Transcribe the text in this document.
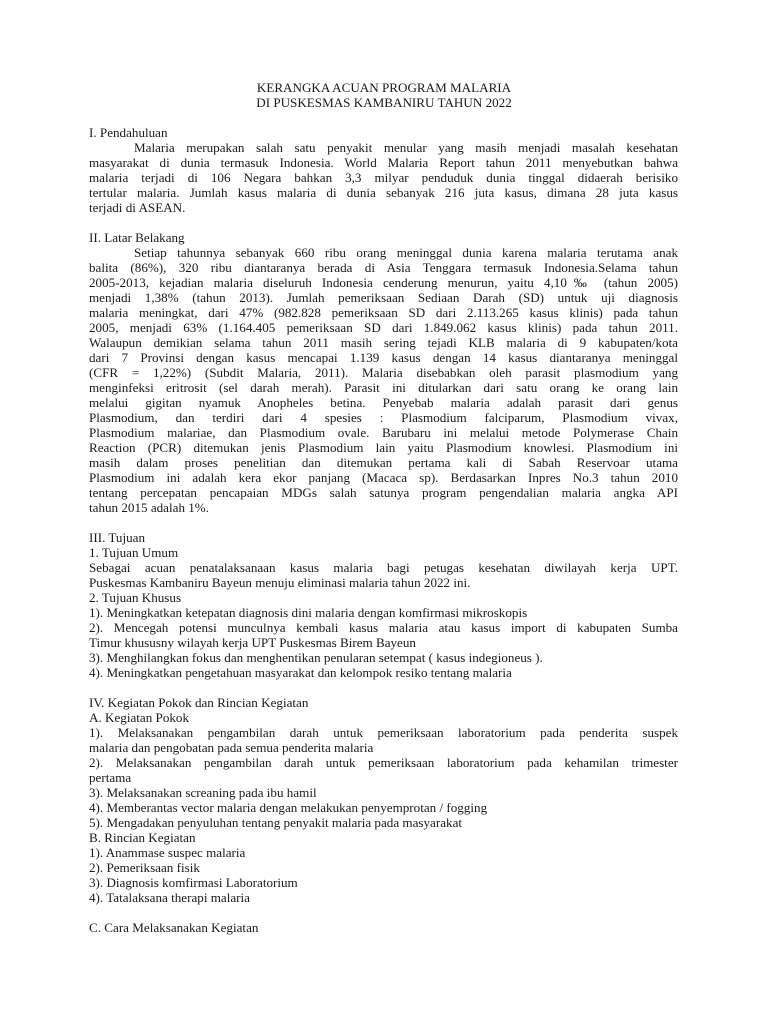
KERANGKA ACUAN PROGRAM MALARIA
DI PUSKESMAS KAMBANIRU TAHUN 2022
I. Pendahuluan
Malaria merupakan salah satu penyakit menular yang masih menjadi masalah kesehatan
masyarakat di dunia termasuk Indonesia. World Malaria Report tahun 2011 menyebutkan bahwa
malaria terjadi di 106 Negara bahkan 3,3 milyar penduduk dunia tinggal didaerah berisiko
tertular malaria. Jumlah kasus malaria di dunia sebanyak 216 juta kasus, dimana 28 juta kasus
terjadi di ASEAN.
II. Latar Belakang
Setiap tahunnya sebanyak 660 ribu orang meninggal dunia karena malaria terutama anak
balita (86%), 320 ribu diantaranya berada di Asia Tenggara termasuk Indonesia.Selama tahun
2005-2013, kejadian malaria diseluruh Indonesia cenderung menurun, yaitu 4,10‰ (tahun 2005)
menjadi 1,38% (tahun 2013). Jumlah pemeriksaan Sediaan Darah (SD) untuk uji diagnosis
malaria meningkat, dari 47% (982.828 pemeriksaan SD dari 2.113.265 kasus klinis) pada tahun
2005, menjadi 63% (1.164.405 pemeriksaan SD dari 1.849.062 kasus klinis) pada tahun 2011.
Walaupun demikian selama tahun 2011 masih sering tejadi KLB malaria di 9 kabupaten/kota
dari 7 Provinsi dengan kasus mencapai 1.139 kasus dengan 14 kasus diantaranya meninggal
(CFR = 1,22%) (Subdit Malaria, 2011). Malaria disebabkan oleh parasit plasmodium yang
menginfeksi eritrosit (sel darah merah). Parasit ini ditularkan dari satu orang ke orang lain
melalui gigitan nyamuk Anopheles betina. Penyebab malaria adalah parasit dari genus
Plasmodium, dan terdiri dari 4 spesies : Plasmodium falciparum, Plasmodium vivax,
Plasmodium malariae, dan Plasmodium ovale. Barubaru ini melalui metode Polymerase Chain
Reaction (PCR) ditemukan jenis Plasmodium lain yaitu Plasmodium knowlesi. Plasmodium ini
masih dalam proses penelitian dan ditemukan pertama kali di Sabah Reservoar utama
Plasmodium ini adalah kera ekor panjang (Macaca sp). Berdasarkan Inpres No.3 tahun 2010
tentang percepatan pencapaian MDGs salah satunya program pengendalian malaria angka API
tahun 2015 adalah 1%.
III. Tujuan
1. Tujuan Umum
Sebagai acuan penatalaksanaan kasus malaria bagi petugas kesehatan diwilayah kerja UPT.
Puskesmas Kambaniru Bayeun menuju eliminasi malaria tahun 2022 ini.
2. Tujuan Khusus
1). Meningkatkan ketepatan diagnosis dini malaria dengan komfirmasi mikroskopis
2). Mencegah potensi munculnya kembali kasus malaria atau kasus import di kabupaten Sumba
Timur khususny wilayah kerja UPT Puskesmas Birem Bayeun
3). Menghilangkan fokus dan menghentikan penularan setempat ( kasus indegioneus ).
4). Meningkatkan pengetahuan masyarakat dan kelompok resiko tentang malaria
IV. Kegiatan Pokok dan Rincian Kegiatan
A. Kegiatan Pokok
1). Melaksanakan pengambilan darah untuk pemeriksaan laboratorium pada penderita suspek
malaria dan pengobatan pada semua penderita malaria
2). Melaksanakan pengambilan darah untuk pemeriksaan laboratorium pada kehamilan trimester
pertama
3). Melaksanakan screaning pada ibu hamil
4). Memberantas vector malaria dengan melakukan penyemprotan / fogging
5). Mengadakan penyuluhan tentang penyakit malaria pada masyarakat
B. Rincian Kegiatan
1). Anammase suspec malaria
2). Pemeriksaan fisik
3). Diagnosis komfirmasi Laboratorium
4). Tatalaksana therapi malaria
C. Cara Melaksanakan Kegiatan
